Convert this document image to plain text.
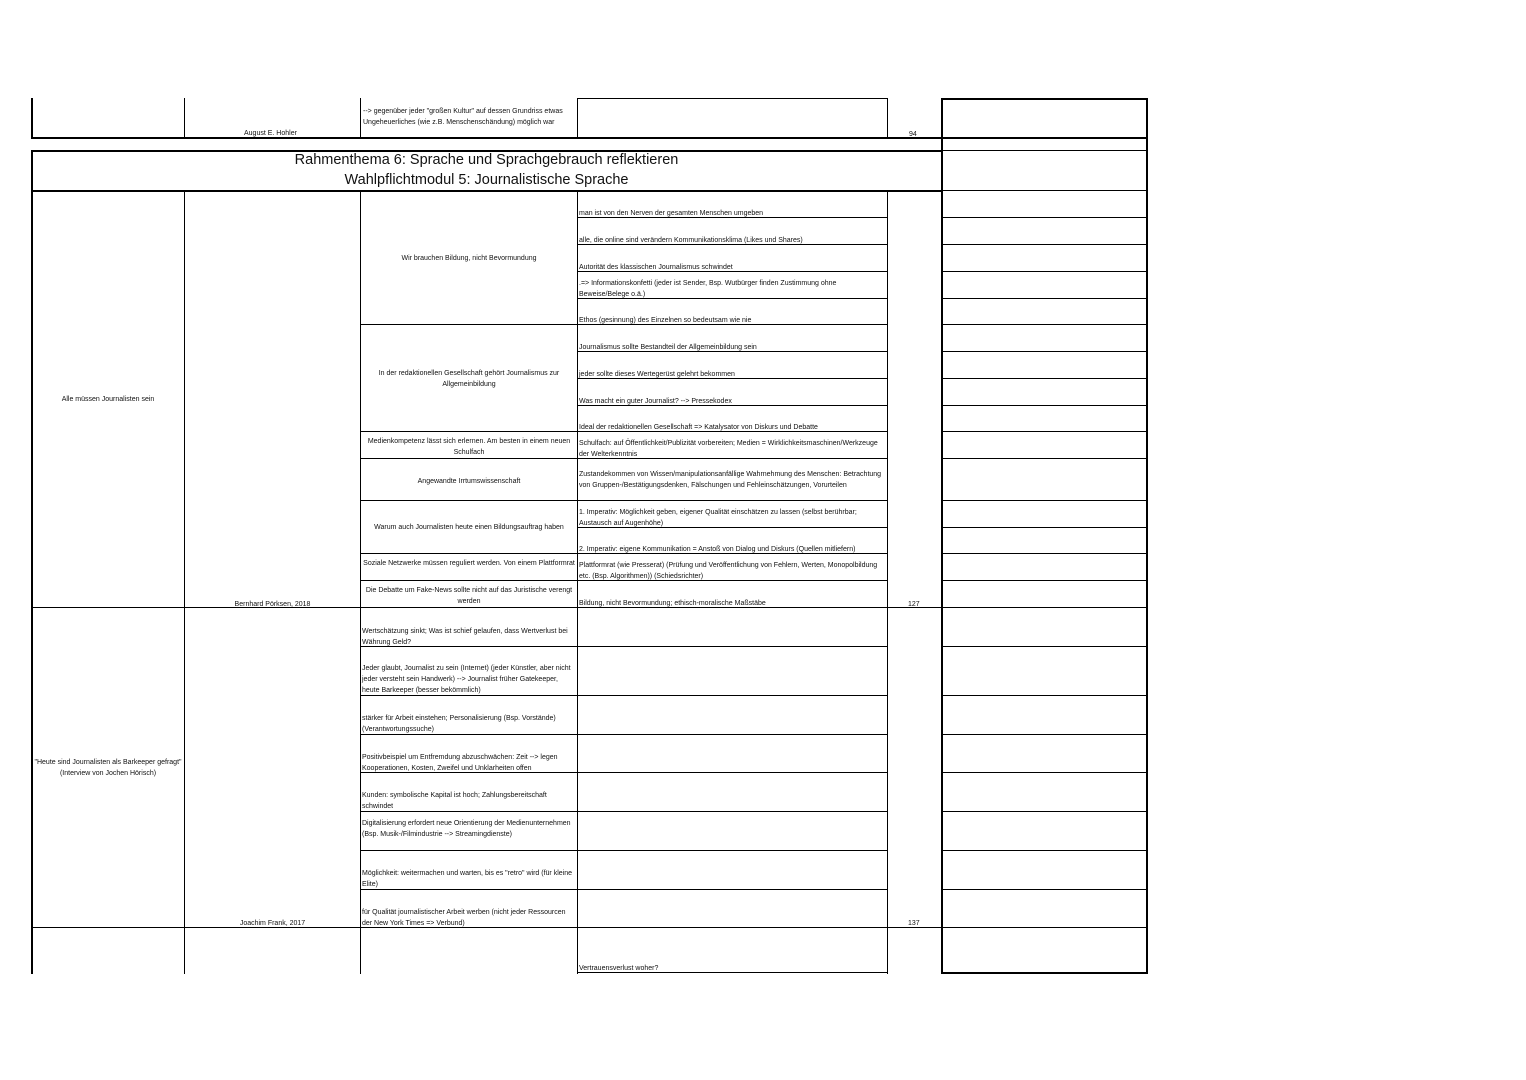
August E. Hohler
--> gegenüber jeder "großen Kultur" auf dessen Grundriss etwas Ungeheuerliches (wie z.B. Menschenschändung) möglich war
94
Rahmenthema 6: Sprache und Sprachgebrauch reflektieren
Wahlpflichtmodul 5: Journalistische Sprache
Alle müssen Journalisten sein
Bernhard Pörksen, 2018	127
Wir brauchen Bildung, nicht Bevormundung
In der redaktionellen Gesellschaft gehört Journalismus zur Allgemeinbildung
Medienkompetenz lässt sich erlernen. Am besten in einem neuen Schulfach
Angewandte Irrtumswissenschaft
Warum auch Journalisten heute einen Bildungsauftrag haben
Soziale Netzwerke müssen reguliert werden. Von einem Plattformrat
Die Debatte um Fake-News sollte nicht auf das Juristische verengt werden
man ist von den Nerven der gesamten Menschen umgeben
alle, die online sind verändern Kommunikationsklima (Likes und Shares)
Autorität des klassischen Journalismus schwindet
.=> Informationskonfetti (jeder ist Sender, Bsp. Wutbürger finden Zustimmung ohne Beweise/Belege o.ä.)
Ethos (gesinnung) des Einzelnen so bedeutsam wie nie
Journalismus sollte Bestandteil der Allgemeinbildung sein
jeder sollte dieses Wertegerüst gelehrt bekommen
Was macht ein guter Journalist? --> Pressekodex
Ideal der redaktionellen Gesellschaft => Katalysator von Diskurs und Debatte
Schulfach: auf Öffentlichkeit/Publizität vorbereiten; Medien = Wirklichkeitsmaschinen/Werkzeuge der Welterkenntnis
Zustandekommen von Wissen/manipulationsanfällige Wahrnehmung des Menschen: Betrachtung von Gruppen-/Bestätigungsdenken, Fälschungen und Fehleinschätzungen, Vorurteilen
1. Imperativ: Möglichkeit geben, eigener Qualität einschätzen zu lassen (selbst berührbar; Austausch auf Augenhöhe)
2. Imperativ: eigene Kommunikation = Anstoß von Dialog und Diskurs (Quellen mitliefern)
Plattformrat (wie Presserat) (Prüfung und Veröffentlichung von Fehlern, Werten, Monopolbildung etc. (Bsp. Algorithmen)) (Schiedsrichter)
Bildung, nicht Bevormundung; ethisch-moralische Maßstäbe
"Heute sind Journalisten als Barkeeper gefragt" (Interview von Jochen Hörisch)
Joachim Frank, 2017	137
Wertschätzung sinkt; Was ist schief gelaufen, dass Wertverlust bei Währung Geld?
Jeder glaubt, Journalist zu sein (Internet) (jeder Künstler, aber nicht jeder versteht sein Handwerk) --> Journalist früher Gatekeeper, heute Barkeeper (besser bekömmlich)
stärker für Arbeit einstehen; Personalisierung (Bsp. Vorstände) (Verantwortungssuche)
Positivbeispiel um Entfremdung abzuschwächen: Zeit --> legen Kooperationen, Kosten, Zweifel und Unklarheiten offen
Kunden: symbolische Kapital ist hoch; Zahlungsbereitschaft schwindet
Digitalisierung erfordert neue Orientierung der Medienunternehmen (Bsp. Musik-/Filmindustrie --> Streamingdienste)
Möglichkeit: weitermachen und warten, bis es "retro" wird (für kleine Elite)
für Qualität journalistischer Arbeit werben (nicht jeder Ressourcen der New York Times => Verbund)
Vertrauensverlust woher?
